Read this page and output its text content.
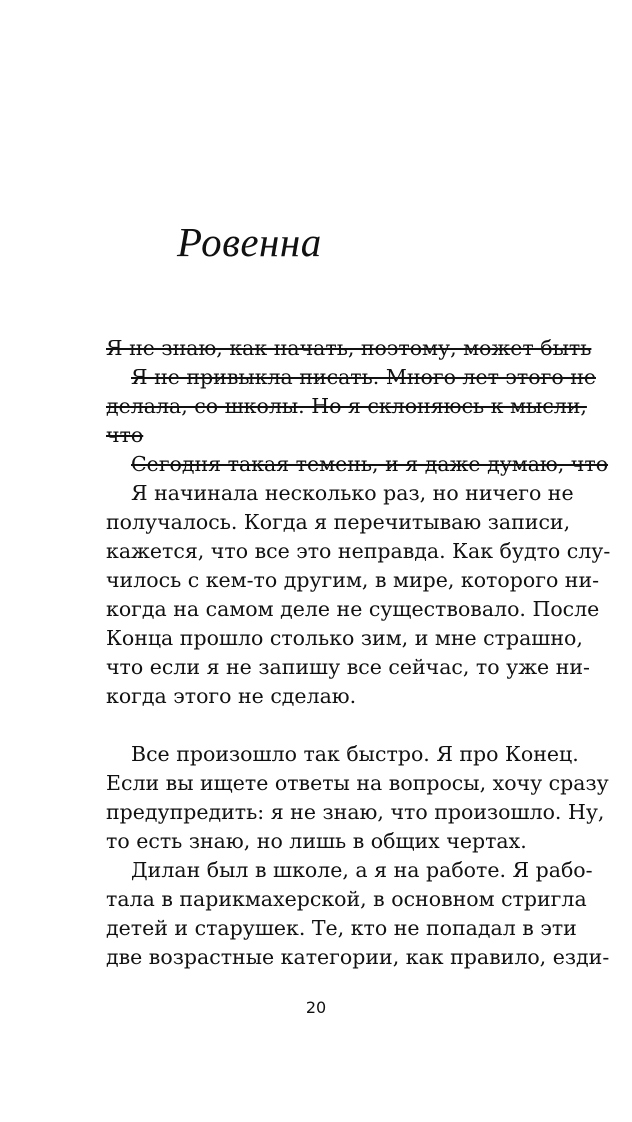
Ровенна
Я не знаю, как начать, поэтому, может быть
Я не привыкла писать. Много лет этого не
делала, со школы. Но я склоняюсь к мысли,
что
Сегодня такая темень, и я даже думаю, что
Я начинала несколько раз, но ничего не
получалось. Когда я перечитываю записи,
кажется, что все это неправда. Как будто слу-
чилось с кем-то другим, в мире, которого ни-
когда на самом деле не существовало. После
Конца прошло столько зим, и мне страшно,
что если я не запишу все сейчас, то уже ни-
когда этого не сделаю.
Все произошло так быстро. Я про Конец.
Если вы ищете ответы на вопросы, хочу сразу
предупредить: я не знаю, что произошло. Ну,
то есть знаю, но лишь в общих чертах.
Дилан был в школе, а я на работе. Я рабо-
тала в парикмахерской, в основном стригла
детей и старушек. Те, кто не попадал в эти
две возрастные категории, как правило, езди-
20
